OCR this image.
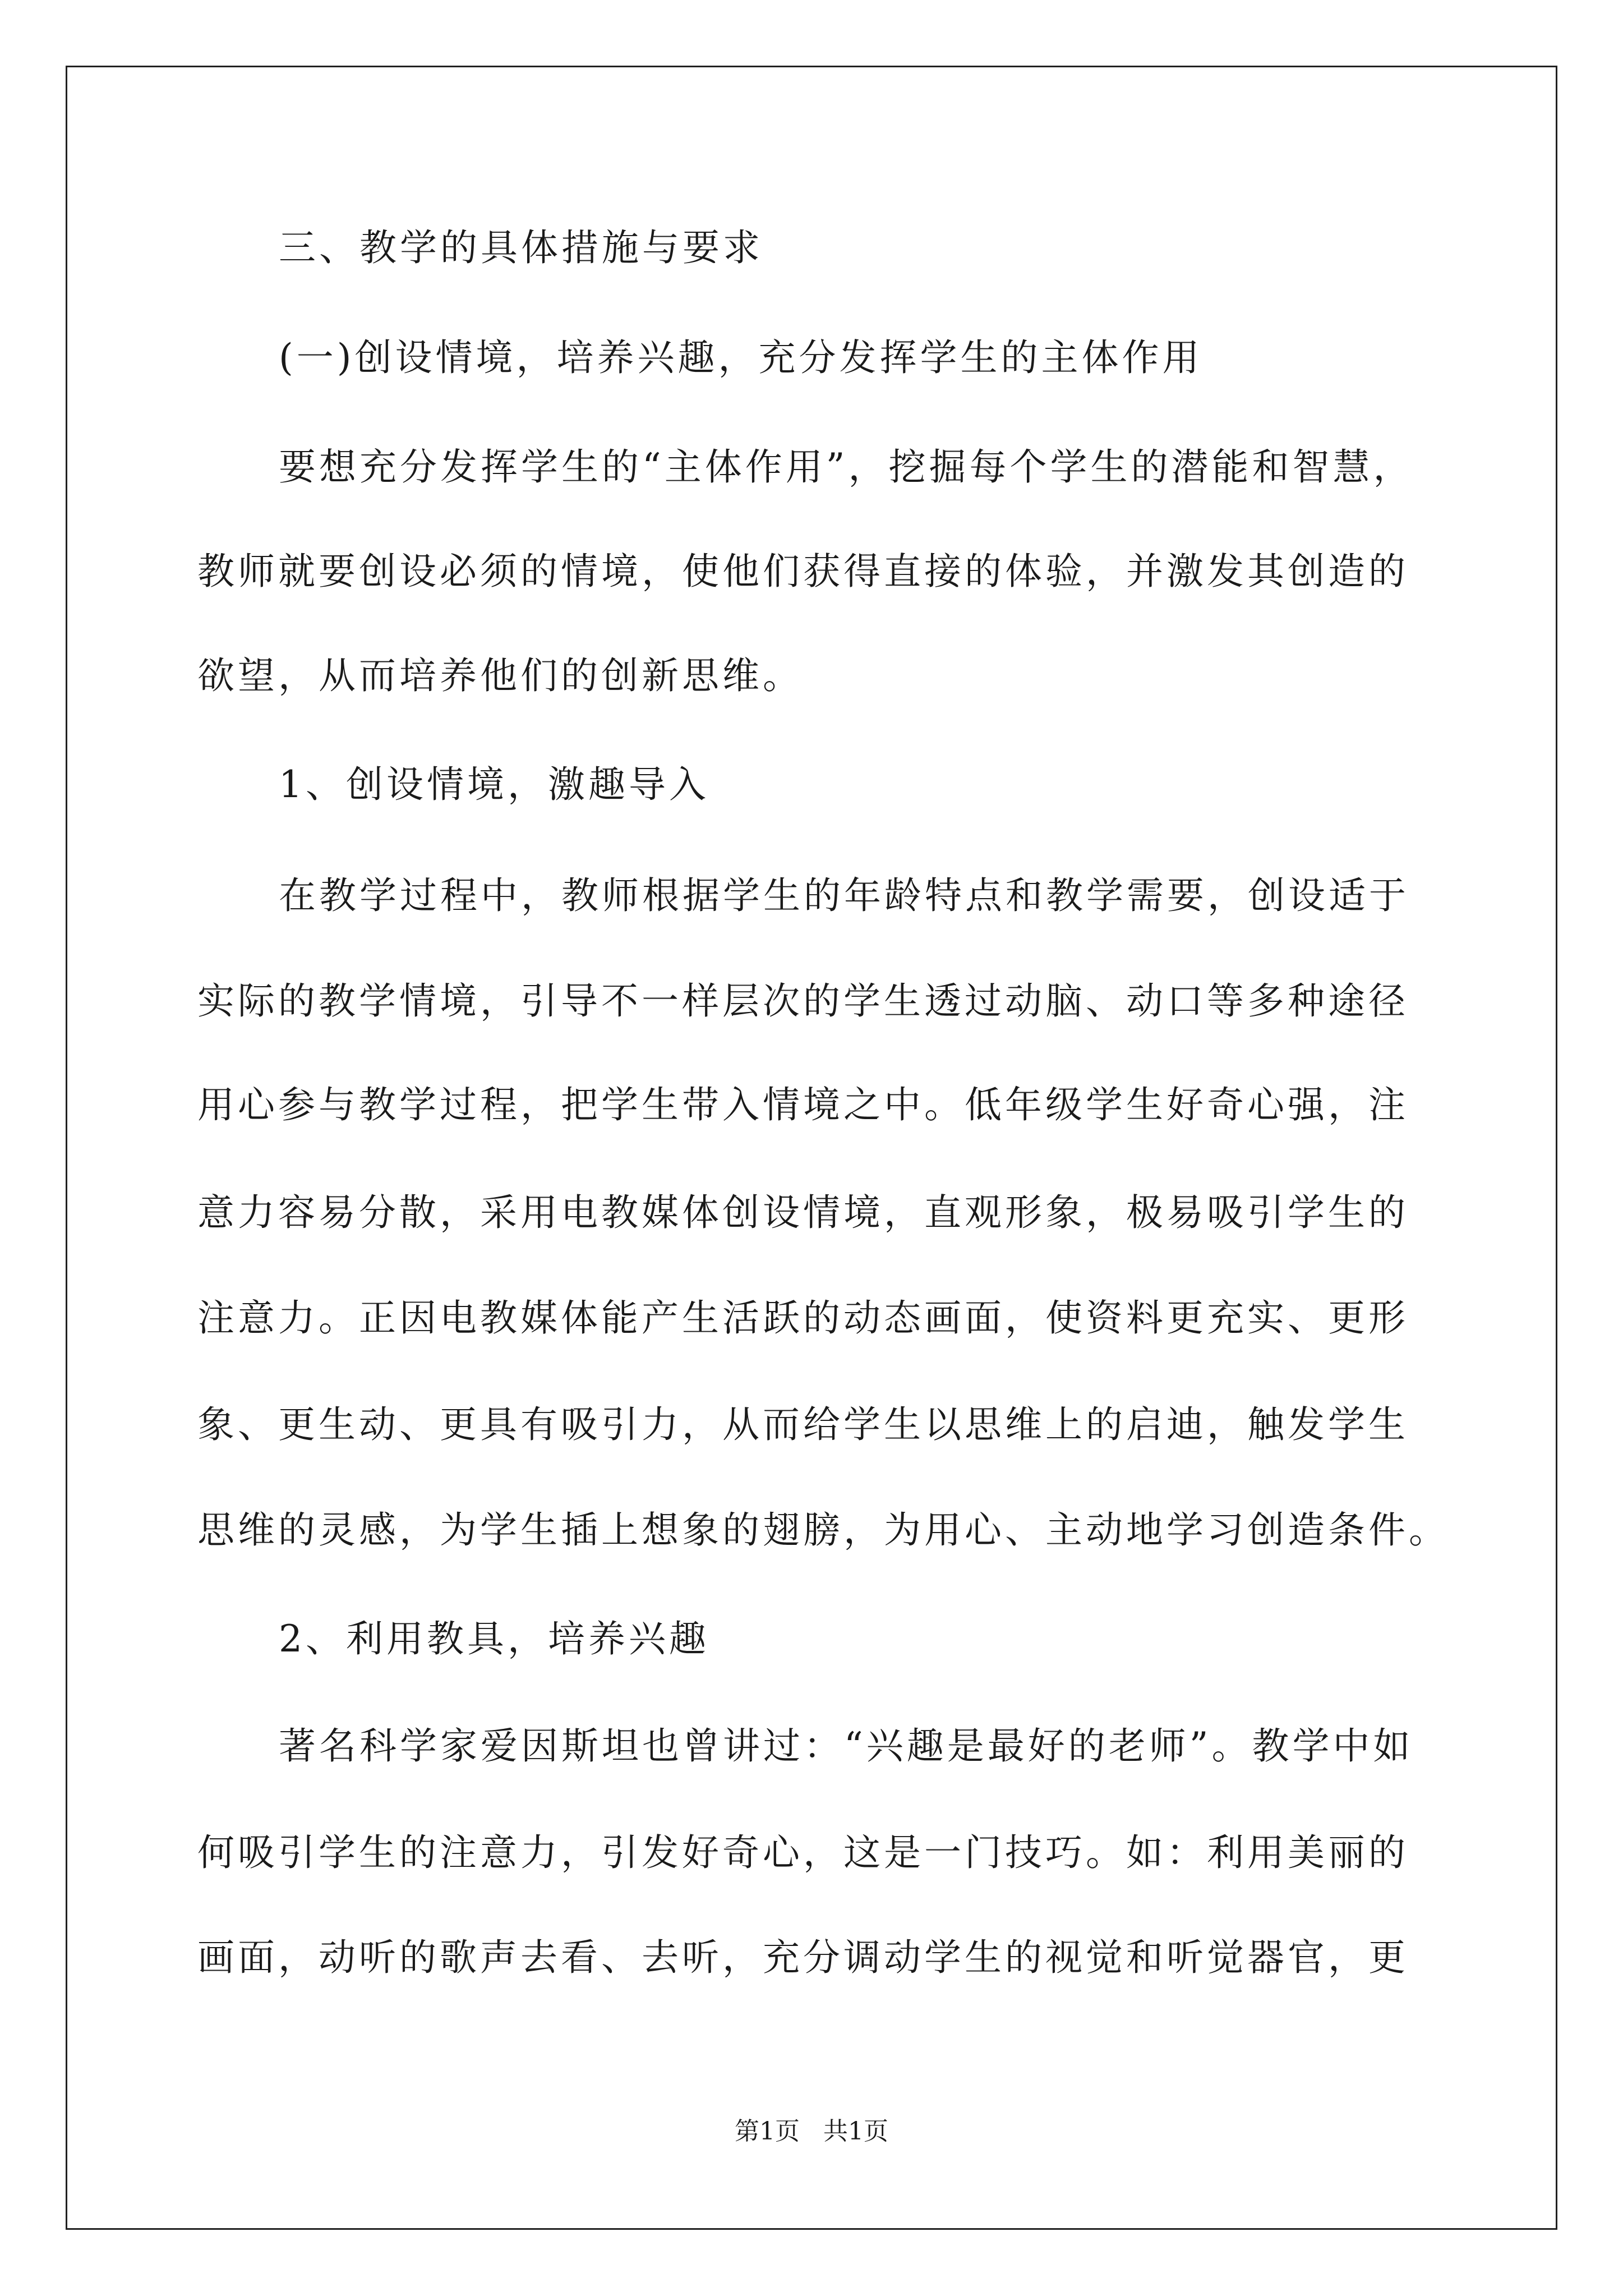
三、教学的具体措施与要求
(一)创设情境，培养兴趣，充分发挥学生的主体作用
要想充分发挥学生的“主体作用”，挖掘每个学生的潜能和智慧，
教师就要创设必须的情境，使他们获得直接的体验，并激发其创造的
欲望，从而培养他们的创新思维。
1、创设情境，激趣导入
在教学过程中，教师根据学生的年龄特点和教学需要，创设适于
实际的教学情境，引导不一样层次的学生透过动脑、动口等多种途径
用心参与教学过程，把学生带入情境之中。低年级学生好奇心强，注
意力容易分散，采用电教媒体创设情境，直观形象，极易吸引学生的
注意力。正因电教媒体能产生活跃的动态画面，使资料更充实、更形
象、更生动、更具有吸引力，从而给学生以思维上的启迪，触发学生
思维的灵感，为学生插上想象的翅膀，为用心、主动地学习创造条件。
2、利用教具，培养兴趣
著名科学家爱因斯坦也曾讲过：“兴趣是最好的老师”。教学中如
何吸引学生的注意力，引发好奇心，这是一门技巧。如：利用美丽的
画面，动听的歌声去看、去听，充分调动学生的视觉和听觉器官，更
第1页   共1页
